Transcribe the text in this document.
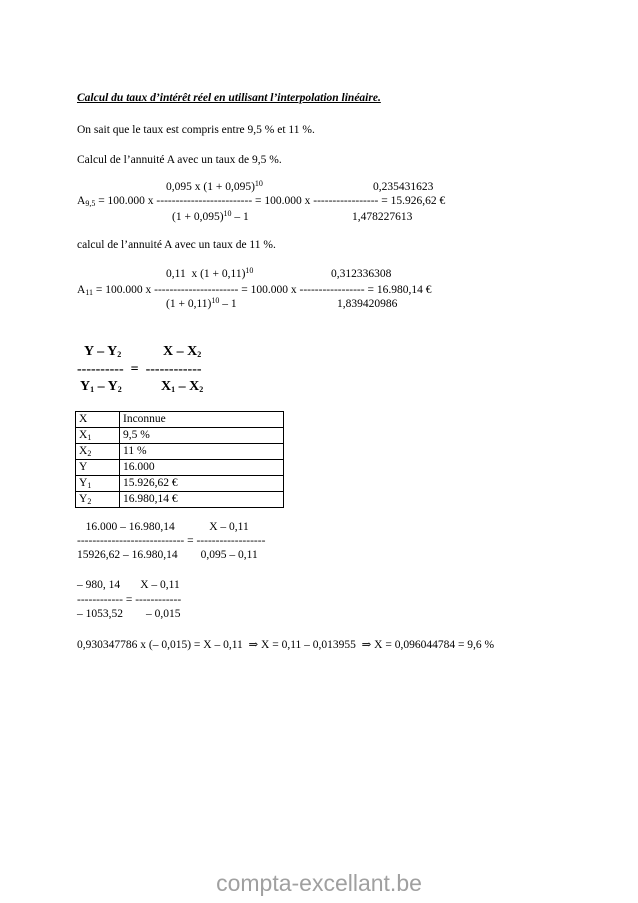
Calcul du taux d’intérêt réel en utilisant l’interpolation linéaire.
On sait que le taux est compris entre 9,5 % et 11 %.
Calcul de l’annuité A avec un taux de 9,5 %.
0,095 x $(1 + 0,095)^{10}$	0,235431623
$A_{9,5} = 100.000$ x ------------------------- = 100.000 x ----------------- = 15.926,62 €
$(1 + 0,095)^{10} - 1$	1,478227613
calcul de l’annuité A avec un taux de 11 %.
0,11  x $(1 + 0,11)^{10}$	0,312336308
$A_{11} = 100.000$ x ---------------------- = 100.000 x ----------------- = 16.980,14 €
$(1 + 0,11)^{10} - 1$	1,839420986
Y – $Y_2$	X – $X_2$
----------  =  ------------
$Y_1 - Y_2$	$X_1 - X_2$
X	Inconnue
$X_1$	9,5 %
$X_2$	11 %
Y	16.000
$Y_1$	15.926,62 €
$Y_2$	16.980,14 €
16.000 – 16.980,14            X – 0,11
---------------------------- = ------------------
15926,62 – 16.980,14        0,095 – 0,11
– 980, 14       X – 0,11
------------ = ------------
– 1053,52        – 0,015
0,930347786 x (– 0,015) = X – 0,11  ⇒ X = 0,11 – 0,013955  ⇒ X = 0,096044784 = 9,6 %
compta-excellant.be
